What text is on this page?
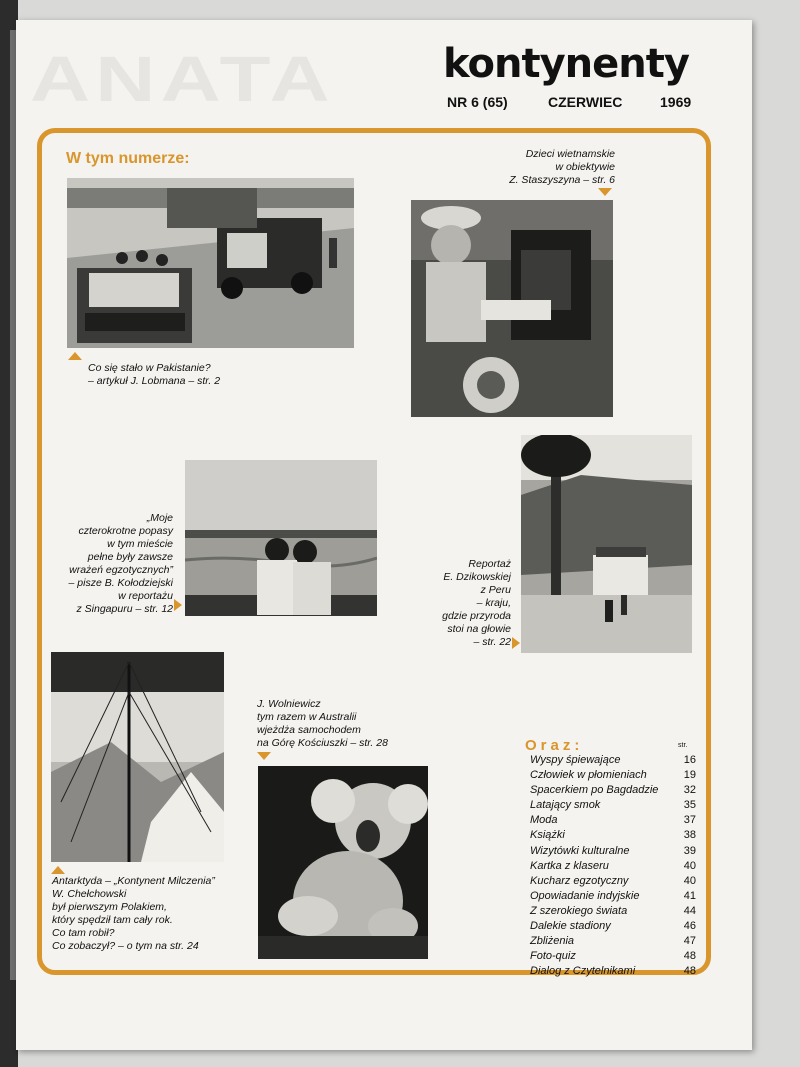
ANATA	kontynenty
NR 6 (65)	CZERWIEC	1969
W tym numerze:
Co się stało w Pakistanie?
– artykuł J. Lobmana – str. 2
Dzieci wietnamskie
w obiektywie
Z. Staszyszyna – str. 6
„Moje
czterokrotne popasy
w tym mieście
pełne były zawsze
wrażeń egzotycznych”
– pisze B. Kołodziejski
w reportażu
z Singapuru – str. 12
Reportaż
E. Dzikowskiej
z Peru
– kraju,
gdzie przyroda
stoi na głowie
– str. 22
Antarktyda – „Kontynent Milczenia”
W. Chełchowski
był pierwszym Polakiem,
który spędził tam cały rok.
Co tam robił?
Co zobaczył? – o tym na str. 24
J. Wolniewicz
tym razem w Australii
wjeżdża samochodem
na Górę Kościuszki – str. 28	Oraz:	str.
Wyspy śpiewające	16
Człowiek w płomieniach	19
Spacerkiem po Bagdadzie 32
Latający smok	35
Moda	37
Książki	38
Wizytówki kulturalne	39
Kartka z klaseru	40
Kucharz egzotyczny	40
Opowiadanie indyjskie	41
Z szerokiego świata	44
Dalekie stadiony	46
Zbliżenia	47
Foto-quiz	48
Dialog z Czytelnikami	48
